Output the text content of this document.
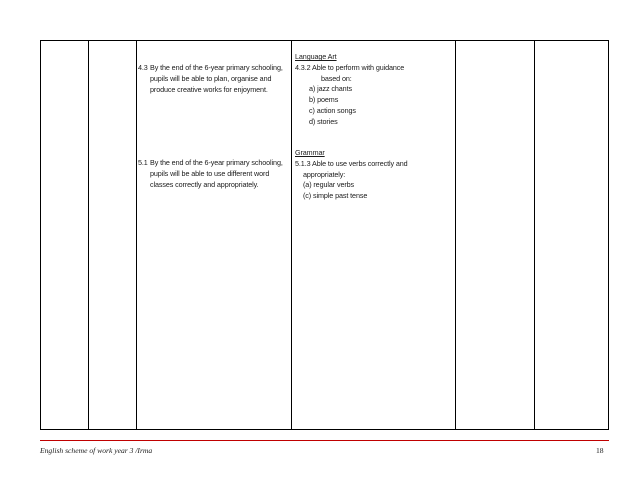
4.3 By the end of the 6-year primary schooling, pupils will be able to plan, organise and produce creative works for enjoyment.
5.1 By the end of the 6-year primary schooling, pupils will be able to use different word classes correctly and appropriately.
Language Art
4.3.2 Able to perform with guidance
based on:
a) jazz chants
b) poems
c) action songs
d) stories
Grammar
5.1.3 Able to use verbs correctly and
appropriately:
(a) regular verbs
(c) simple past tense
English scheme of work year 3 /Irma	18
